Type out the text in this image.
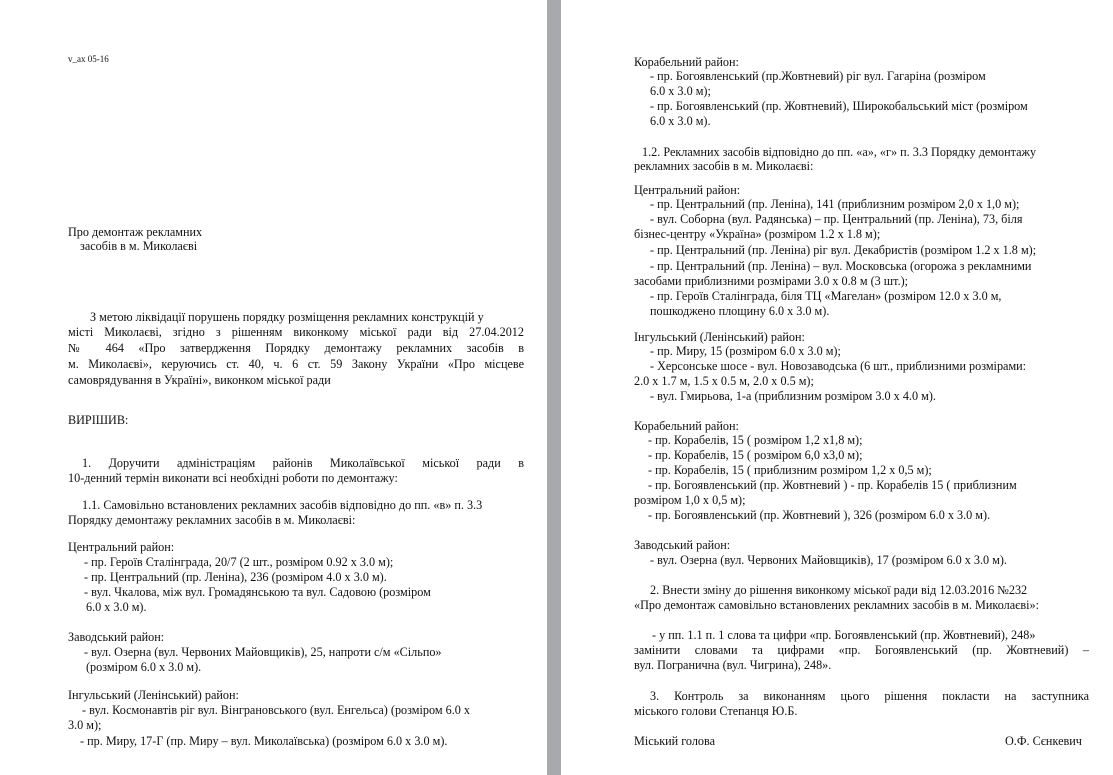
v_ax 05-16
Про демонтаж рекламних
засобів в м. Миколаєві
З метою ліквідації порушень порядку розміщення рекламних конструкцій у
місті Миколаєві, згідно з рішенням виконкому міської ради від 27.04.2012
№ 464 «Про затвердження Порядку демонтажу рекламних засобів в
м. Миколаєві», керуючись ст. 40, ч. 6 ст. 59 Закону України «Про місцеве
самоврядування в Україні», виконком міської ради
ВИРІШИВ:
1. Доручити адміністраціям районів Миколаївської міської ради в
10-денний термін виконати всі необхідні роботи по демонтажу:
1.1. Самовільно встановлених рекламних засобів відповідно до пп. «в» п. 3.3
Порядку демонтажу рекламних засобів в м. Миколаєві:
Центральний район:
- пр. Героїв Сталінграда, 20/7 (2 шт., розміром 0.92 х 3.0 м);
- пр. Центральний (пр. Леніна), 236 (розміром 4.0 х 3.0 м).
- вул. Чкалова, між вул. Громадянською та вул. Садовою (розміром
6.0 х 3.0 м).
Заводський район:
- вул. Озерна (вул. Червоних Майовщиків), 25, напроти с/м «Сільпо»
(розміром 6.0 х 3.0 м).
Інгульський (Ленінський) район:
- вул. Космонавтів ріг вул. Вінграновського (вул. Енгельса) (розміром 6.0 х
3.0 м);
- пр. Миру, 17-Г (пр. Миру – вул. Миколаївська) (розміром 6.0 х 3.0 м).
Корабельний район:
- пр. Богоявленський (пр.Жовтневий) ріг вул. Гагаріна (розміром
6.0 х 3.0 м);
- пр. Богоявленський (пр. Жовтневий), Широкобальський міст (розміром
6.0 х 3.0 м).
1.2. Рекламних засобів відповідно до пп. «а», «г» п. 3.3 Порядку демонтажу
рекламних засобів в м. Миколаєві:
Центральний район:
- пр. Центральний (пр. Леніна), 141 (приблизним розміром 2,0 х 1,0 м);
- вул. Соборна (вул. Радянська) – пр. Центральний (пр. Леніна), 73, біля
бізнес-центру «Україна» (розміром 1.2 х 1.8 м);
- пр. Центральний (пр. Леніна) ріг вул. Декабристів (розміром 1.2 х 1.8 м);
- пр. Центральний (пр. Леніна) – вул. Московська (огорожа з рекламними
засобами приблизними розмірами 3.0 х 0.8 м (3 шт.);
- пр. Героїв Сталінграда, біля ТЦ «Магелан» (розміром 12.0 х 3.0 м,
пошкоджено площину 6.0 х 3.0 м).
Інгульський (Ленінський) район:
- пр. Миру, 15 (розміром 6.0 х 3.0 м);
- Херсонське шосе - вул. Новозаводська (6 шт., приблизними розмірами:
2.0 х 1.7 м, 1.5 х 0.5 м, 2.0 х 0.5 м);
- вул. Гмирьова, 1-а (приблизним розміром 3.0 х 4.0 м).
Корабельний район:
- пр. Корабелів, 15 ( розміром 1,2 х1,8 м);
- пр. Корабелів, 15 ( розміром 6,0 х3,0 м);
- пр. Корабелів, 15 ( приблизним розміром 1,2 х 0,5 м);
- пр. Богоявленський (пр. Жовтневий ) - пр. Корабелів 15 ( приблизним
розміром 1,0 х 0,5 м);
- пр. Богоявленський (пр. Жовтневий ), 326 (розміром 6.0 х 3.0 м).
Заводський район:
- вул. Озерна (вул. Червоних Майовщиків), 17 (розміром 6.0 х 3.0 м).
2. Внести зміну до рішення виконкому міської ради від 12.03.2016 №232
«Про демонтаж самовільно встановлених рекламних засобів в м. Миколаєві»:
- у пп. 1.1 п. 1 слова та цифри «пр. Богоявленський (пр. Жовтневий), 248»
замінити словами та цифрами «пр. Богоявленський (пр. Жовтневий) –
вул. Погранична (вул. Чигрина), 248».
3. Контроль за виконанням цього рішення покласти на заступника
міського голови Степанця Ю.Б.
Міський голова	О.Ф. Сєнкевич
